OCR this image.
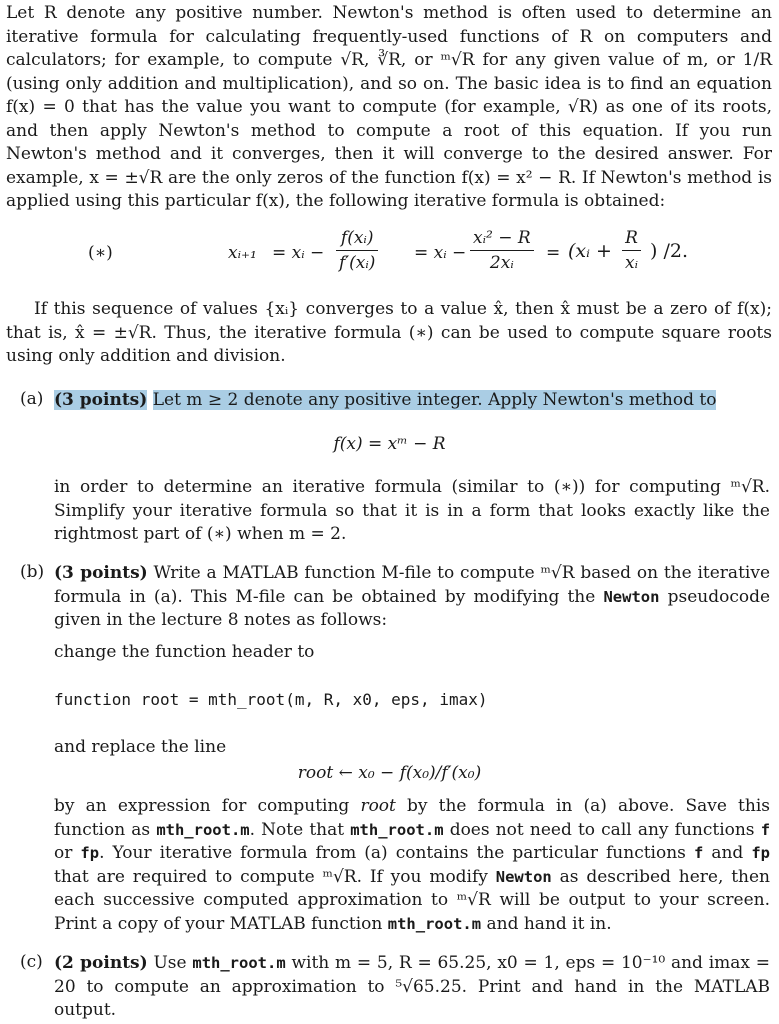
Let R denote any positive number. Newton's method is often used to determine an iterative formula for calculating frequently-used functions of R on computers and calculators; for example, to compute √R, ∛R, or ᵐ√R for any given value of m, or 1/R (using only addition and multiplication), and so on. The basic idea is to find an equation f(x) = 0 that has the value you want to compute (for example, √R) as one of its roots, and then apply Newton's method to compute a root of this equation. If you run Newton's method and it converges, then it will converge to the desired answer. For example, x = ±√R are the only zeros of the function f(x) = x² − R. If Newton's method is applied using this particular f(x), the following iterative formula is obtained:

(∗)	xᵢ₊₁ = xᵢ − $\frac{\text{f(xᵢ)}}{\text{f′(xᵢ)}}$ = xᵢ − $\frac{\text{xᵢ² − R}}{\text{2xᵢ}}$ = (xᵢ + $\frac{R}{\text{xᵢ}}$ ) /2.

If this sequence of values {xᵢ} converges to a value x̂, then x̂ must be a zero of f(x); that is, x̂ = ±√R. Thus, the iterative formula (∗) can be used to compute square roots using only addition and division.

(a) (3 points) Let m ≥ 2 denote any positive integer. Apply Newton's method to
f(x) = xᵐ − R
in order to determine an iterative formula (similar to (∗)) for computing ᵐ√R. Simplify your iterative formula so that it is in a form that looks exactly like the rightmost part of (∗) when m = 2.
(b) (3 points) Write a MATLAB function M-file to compute ᵐ√R based on the iterative formula in (a). This M-file can be obtained by modifying the Newton pseudocode given in the lecture 8 notes as follows:
change the function header to
function root = mth_root(m, R, x0, eps, imax)
and replace the line
root ← x₀ − f(x₀)/f′(x₀)
by an expression for computing root by the formula in (a) above. Save this function as mth_root.m. Note that mth_root.m does not need to call any functions f or fp. Your iterative formula from (a) contains the particular functions f and fp that are required to compute ᵐ√R. If you modify Newton as described here, then each successive computed approximation to ᵐ√R will be output to your screen. Print a copy of your MATLAB function mth_root.m and hand it in.
(c) (2 points) Use mth_root.m with m = 5, R = 65.25, x0 = 1, eps = 10⁻¹⁰ and imax = 20 to compute an approximation to ⁵√65.25. Print and hand in the MATLAB output.
